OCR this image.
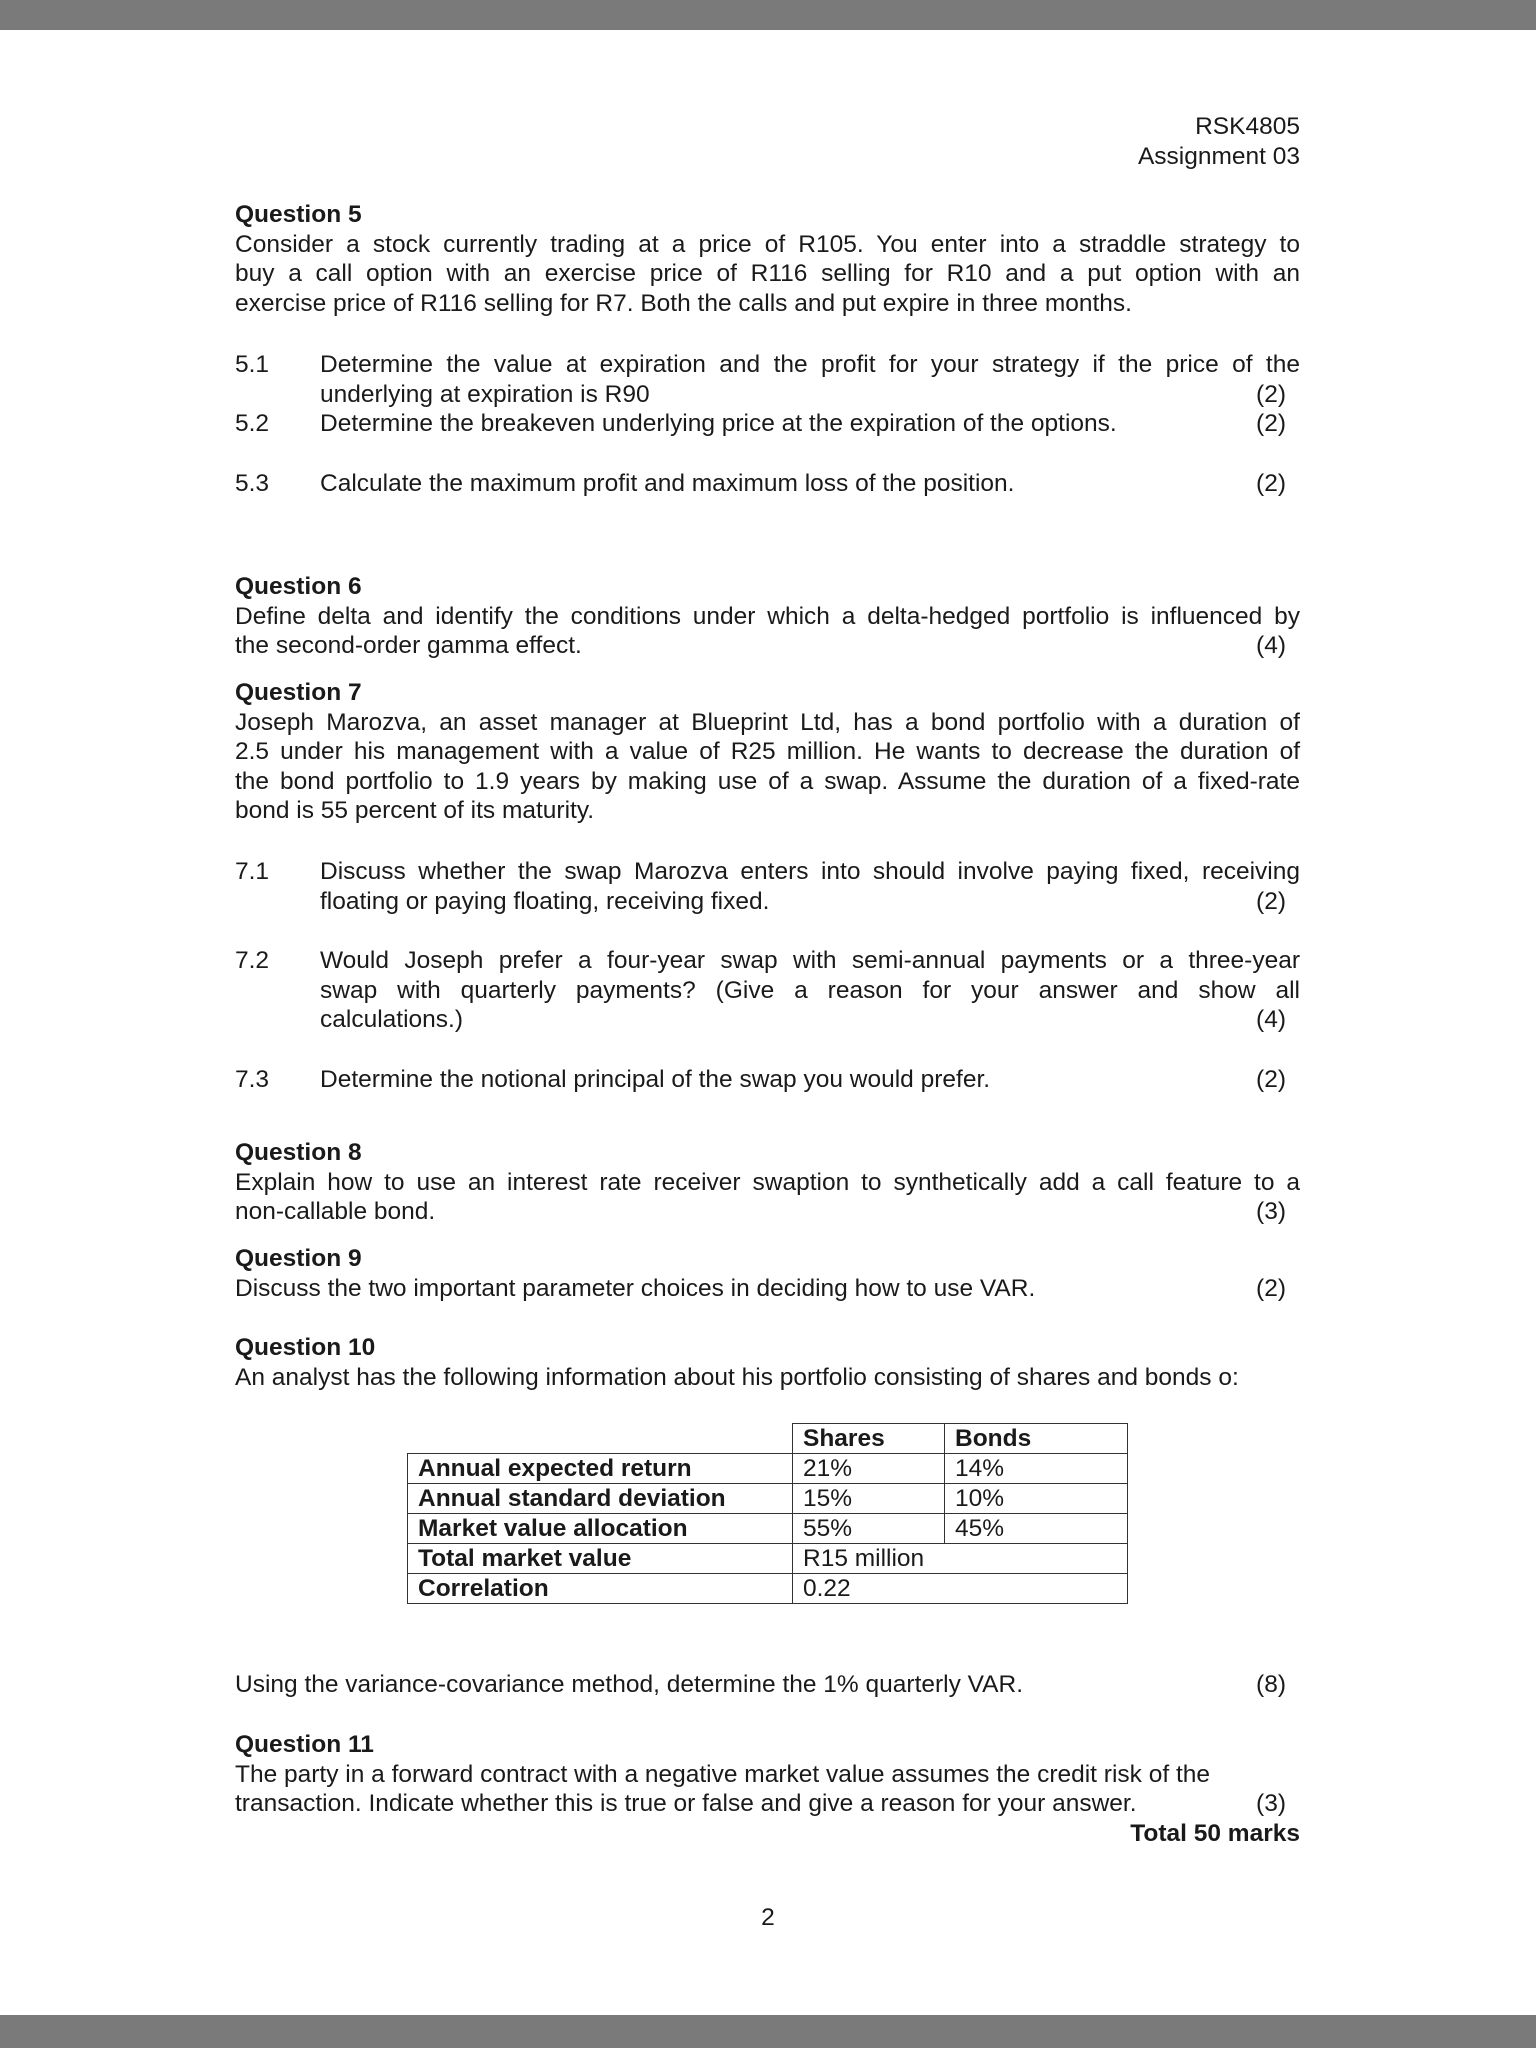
RSK4805
Assignment 03
Question 5
Consider a stock currently trading at a price of R105. You enter into a straddle strategy to
buy a call option with an exercise price of R116 selling for R10 and a put option with an
exercise price of R116 selling for R7. Both the calls and put expire in three months.
5.1 Determine the value at expiration and the profit for your strategy if the price of the
underlying at expiration is R90	(2)
5.2 Determine the breakeven underlying price at the expiration of the options.	(2)
5.3 Calculate the maximum profit and maximum loss of the position.	(2)
Question 6
Define delta and identify the conditions under which a delta-hedged portfolio is influenced by
the second-order gamma effect.	(4)
Question 7
Joseph Marozva, an asset manager at Blueprint Ltd, has a bond portfolio with a duration of
2.5 under his management with a value of R25 million. He wants to decrease the duration of
the bond portfolio to 1.9 years by making use of a swap. Assume the duration of a fixed-rate
bond is 55 percent of its maturity.
7.1 Discuss whether the swap Marozva enters into should involve paying fixed, receiving
floating or paying floating, receiving fixed.	(2)
7.2 Would Joseph prefer a four-year swap with semi-annual payments or a three-year
swap with quarterly payments? (Give a reason for your answer and show all
calculations.)	(4)
7.3 Determine the notional principal of the swap you would prefer.	(2)
Question 8
Explain how to use an interest rate receiver swaption to synthetically add a call feature to a
non-callable bond.	(3)
Question 9
Discuss the two important parameter choices in deciding how to use VAR.	(2)
Question 10
An analyst has the following information about his portfolio consisting of shares and bonds o:
	Shares	Bonds
Annual expected return	21%	14%
Annual standard deviation	15%	10%
Market value allocation	55%	45%
Total market value	R15 million	
Correlation	0.22	
Using the variance-covariance method, determine the 1% quarterly VAR.	(8)
Question 11
The party in a forward contract with a negative market value assumes the credit risk of the
transaction. Indicate whether this is true or false and give a reason for your answer.	(3)
Total 50 marks
2
